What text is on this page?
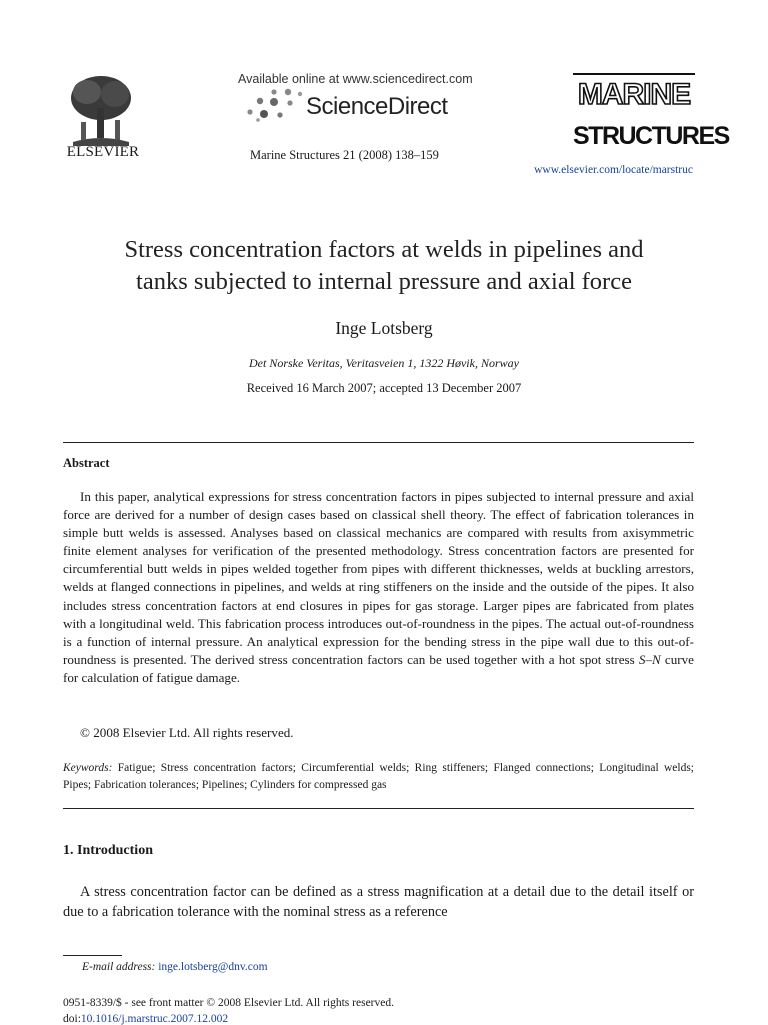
ELSEVIER
Available online at www.sciencedirect.com
ScienceDirect
Marine Structures 21 (2008) 138–159
MARINE
STRUCTURES
www.elsevier.com/locate/marstruc
Stress concentration factors at welds in pipelines and
tanks subjected to internal pressure and axial force
Inge Lotsberg
Det Norske Veritas, Veritasveien 1, 1322 Høvik, Norway
Received 16 March 2007; accepted 13 December 2007
Abstract
In this paper, analytical expressions for stress concentration factors in pipes subjected to internal pressure and axial force are derived for a number of design cases based on classical shell theory. The effect of fabrication tolerances in simple butt welds is assessed. Analyses based on classical mechanics are compared with results from axisymmetric finite element analyses for verification of the presented methodology. Stress concentration factors are presented for circumferential butt welds in pipes welded together from pipes with different thicknesses, welds at buckling arrestors, welds at flanged connections in pipelines, and welds at ring stiffeners on the inside and the outside of the pipes. It also includes stress concentration factors at end closures in pipes for gas storage. Larger pipes are fabricated from plates with a longitudinal weld. This fabrication process introduces out-of-roundness in the pipes. The actual out-of-roundness is a function of internal pressure. An analytical expression for the bending stress in the pipe wall due to this out-of-roundness is presented. The derived stress concentration factors can be used together with a hot spot stress S–N curve for calculation of fatigue damage.
© 2008 Elsevier Ltd. All rights reserved.
Keywords: Fatigue; Stress concentration factors; Circumferential welds; Ring stiffeners; Flanged connections; Longitudinal welds; Pipes; Fabrication tolerances; Pipelines; Cylinders for compressed gas
1. Introduction
A stress concentration factor can be defined as a stress magnification at a detail due to the detail itself or due to a fabrication tolerance with the nominal stress as a reference
E-mail address: inge.lotsberg@dnv.com
0951-8339/$ - see front matter © 2008 Elsevier Ltd. All rights reserved.
doi:10.1016/j.marstruc.2007.12.002
